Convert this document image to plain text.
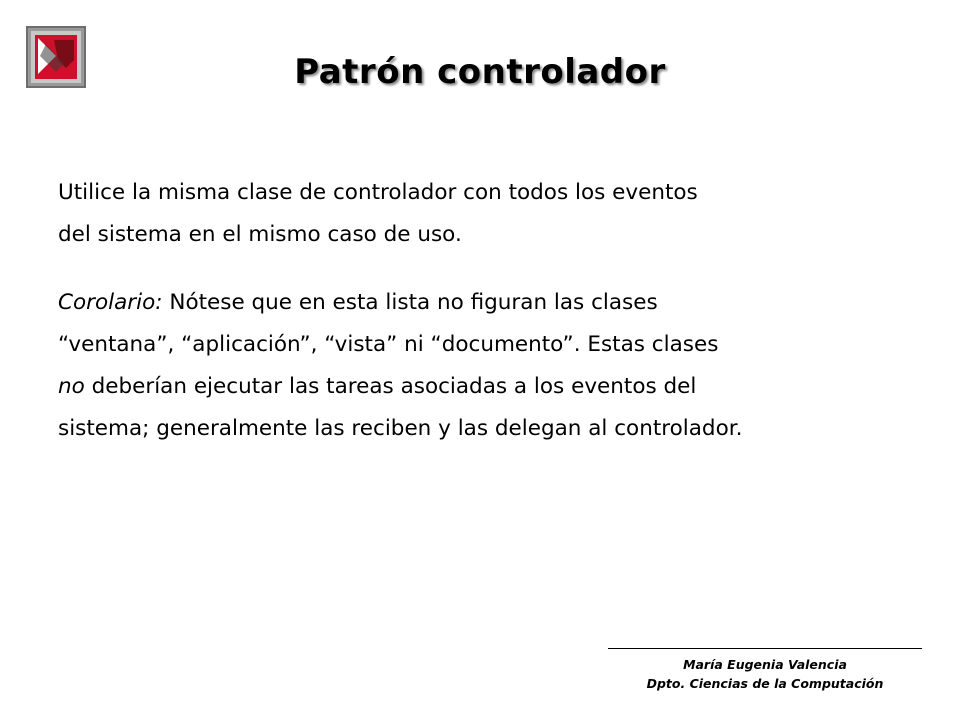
Patrón controlador
Utilice la misma clase de controlador con todos los eventos
del sistema en el mismo caso de uso.
Corolario: Nótese que en esta lista no figuran las clases
“ventana”, “aplicación”, “vista” ni “documento”. Estas clases
no deberían ejecutar las tareas asociadas a los eventos del
sistema; generalmente las reciben y las delegan al controlador.
María Eugenia Valencia
Dpto. Ciencias de la Computación
